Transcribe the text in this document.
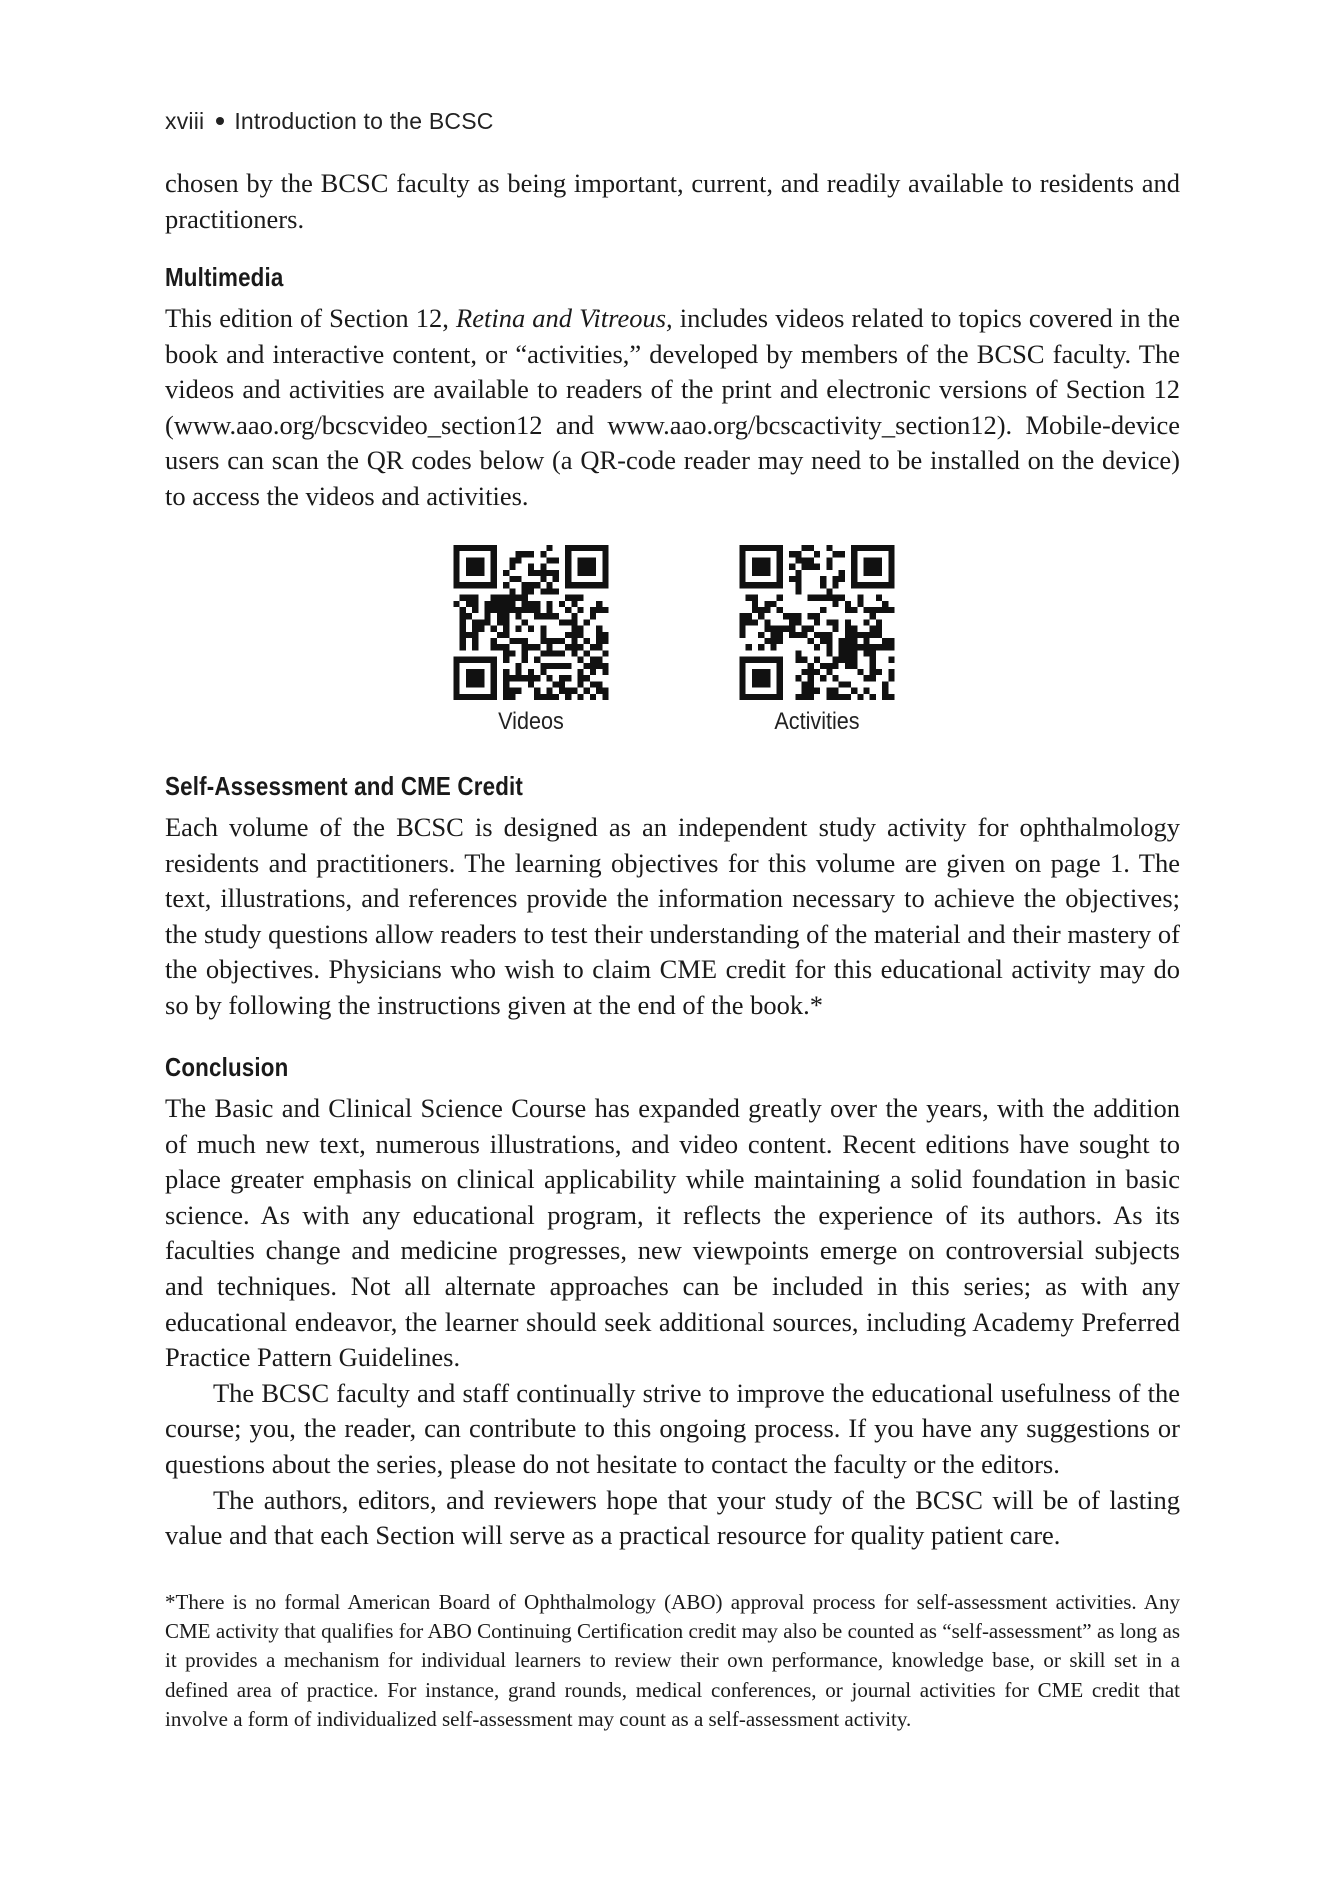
xviii Introduction to the BCSC

chosen by the BCSC faculty as being important, current, and readily available to residents and practitioners.

Multimedia

This edition of Section 12, Retina and Vitreous, includes videos related to topics covered in the book and interactive content, or “activities,” developed by members of the BCSC faculty. The videos and activities are available to readers of the print and electronic versions of Section 12 (www.aao.org/bcscvideo_section12 and www.aao.org/bcscactivity_section12). Mobile-device users can scan the QR codes below (a QR-code reader may need to be installed on the device) to access the videos and activities.

Videos	Activities
Self-Assessment and CME Credit

Each volume of the BCSC is designed as an independent study activity for ophthalmology residents and practitioners. The learning objectives for this volume are given on page 1. The text, illustrations, and references provide the information necessary to achieve the objectives; the study questions allow readers to test their understanding of the material and their mastery of the objectives. Physicians who wish to claim CME credit for this educational activity may do so by following the instructions given at the end of the book.*

Conclusion

The Basic and Clinical Science Course has expanded greatly over the years, with the addition of much new text, numerous illustrations, and video content. Recent editions have sought to place greater emphasis on clinical applicability while maintaining a solid foundation in basic science. As with any educational program, it reflects the experience of its authors. As its faculties change and medicine progresses, new viewpoints emerge on controversial subjects and techniques. Not all alternate approaches can be included in this series; as with any educational endeavor, the learner should seek additional sources, including Academy Preferred Practice Pattern Guidelines.

The BCSC faculty and staff continually strive to improve the educational usefulness of the course; you, the reader, can contribute to this ongoing process. If you have any suggestions or questions about the series, please do not hesitate to contact the faculty or the editors.

The authors, editors, and reviewers hope that your study of the BCSC will be of lasting value and that each Section will serve as a practical resource for quality patient care.

*There is no formal American Board of Ophthalmology (ABO) approval process for self-assessment activities. Any CME activity that qualifies for ABO Continuing Certification credit may also be counted as “self-assessment” as long as it provides a mechanism for individual learners to review their own performance, knowledge base, or skill set in a defined area of practice. For instance, grand rounds, medical conferences, or journal activities for CME credit that involve a form of individualized self-assessment may count as a self-assessment activity.
